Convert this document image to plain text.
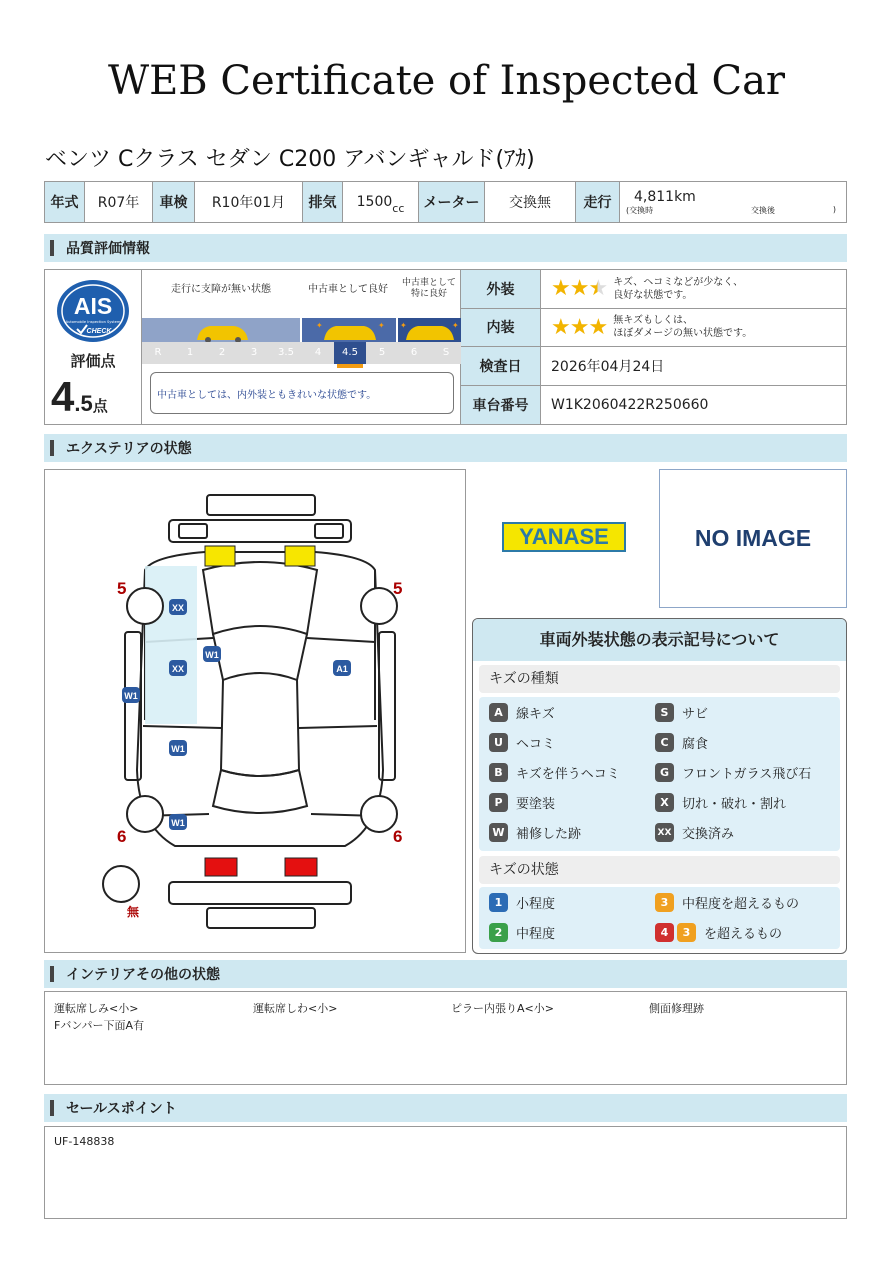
WEB Certificate of Inspected Car
ベンツ Cクラス セダン C200 アバンギャルド(ｱｶ)
年式	R07年	車検	R10年01月	排気	1500 cc	メーター	交換無	走行	4,811km
(交換時	交換後	)
品質評価情報
AIS
Automobile Inspection System
CHECK
評価点
4.5点
走行に支障が無い状態	中古車として良好
中古車として特に良好
✦	✦ ✦	✦
R	1	2	3	3.5	4	4.5	5	6	S
中古車としては、内外装ともきれいな状態です。
外装	★★★ キズ、ヘコミなどが少なく、
良好な状態です。
内装	★★★ 無キズもしくは、
ほぼダメージの無い状態です。
検査日	2026年04月24日
車台番号	W1K2060422R250660
エクステリアの状態
5	5
6	6
無
XX
XX
W1
W1
A1
W1
W1
YANASE	NO IMAGE
車両外装状態の表示記号について
キズの種類
A	線キズ	S	サビ
U	ヘコミ	C	腐食
B	キズを伴うヘコミ	G フロントガラス飛び石
P	要塗装	X	切れ・破れ・割れ
W 補修した跡	XX 交換済み
キズの状態
1	小程度	3	中程度を超えるもの
2	中程度	4	3	を超えるもの
インテリアその他の状態
運転席しみ<小>	運転席しわ<小>	ピラー内張りA<小>	側面修理跡
Fバンパー下面A有
セールスポイント
UF-148838
